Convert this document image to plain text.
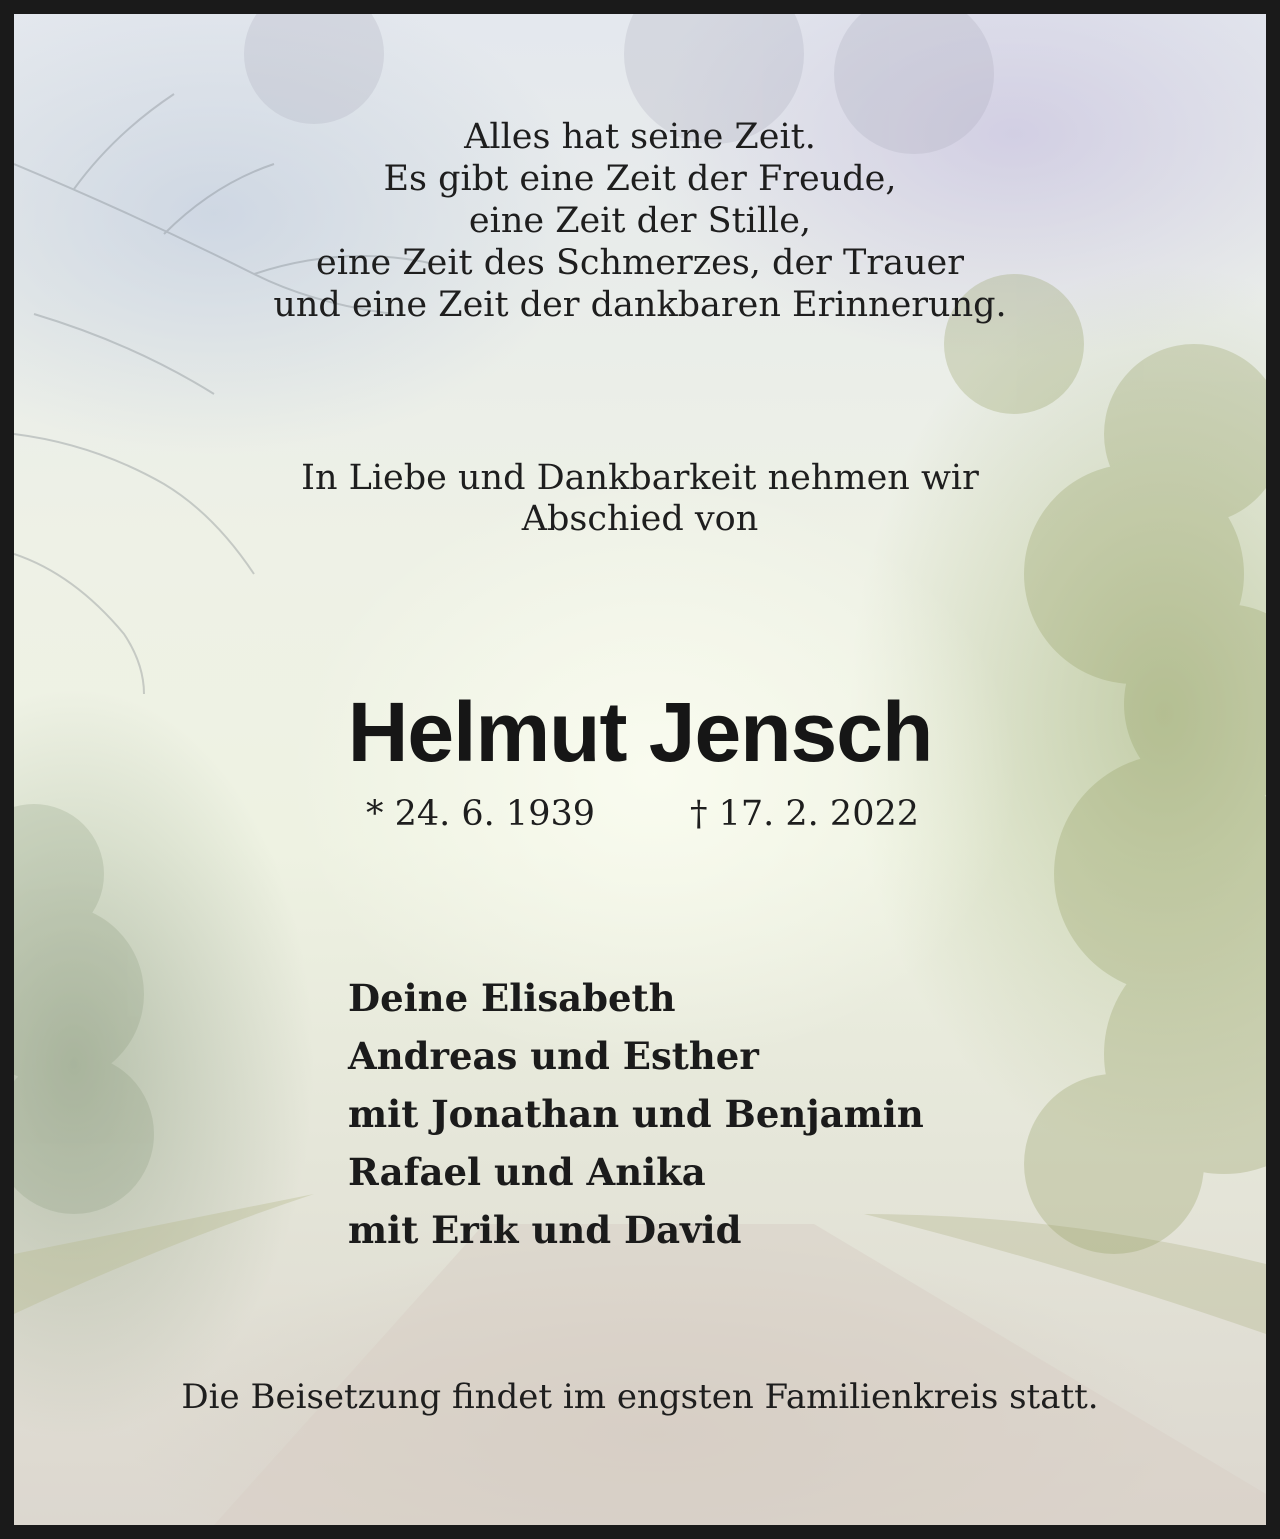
Alles hat seine Zeit.
Es gibt eine Zeit der Freude,
eine Zeit der Stille,
eine Zeit des Schmerzes, der Trauer
und eine Zeit der dankbaren Erinnerung.
In Liebe und Dankbarkeit nehmen wir
Abschied von
Helmut Jensch
* 24. 6. 1939	† 17. 2. 2022
Deine Elisabeth
Andreas und Esther
mit Jonathan und Benjamin
Rafael und Anika
mit Erik und David
Die Beisetzung findet im engsten Familienkreis statt.
